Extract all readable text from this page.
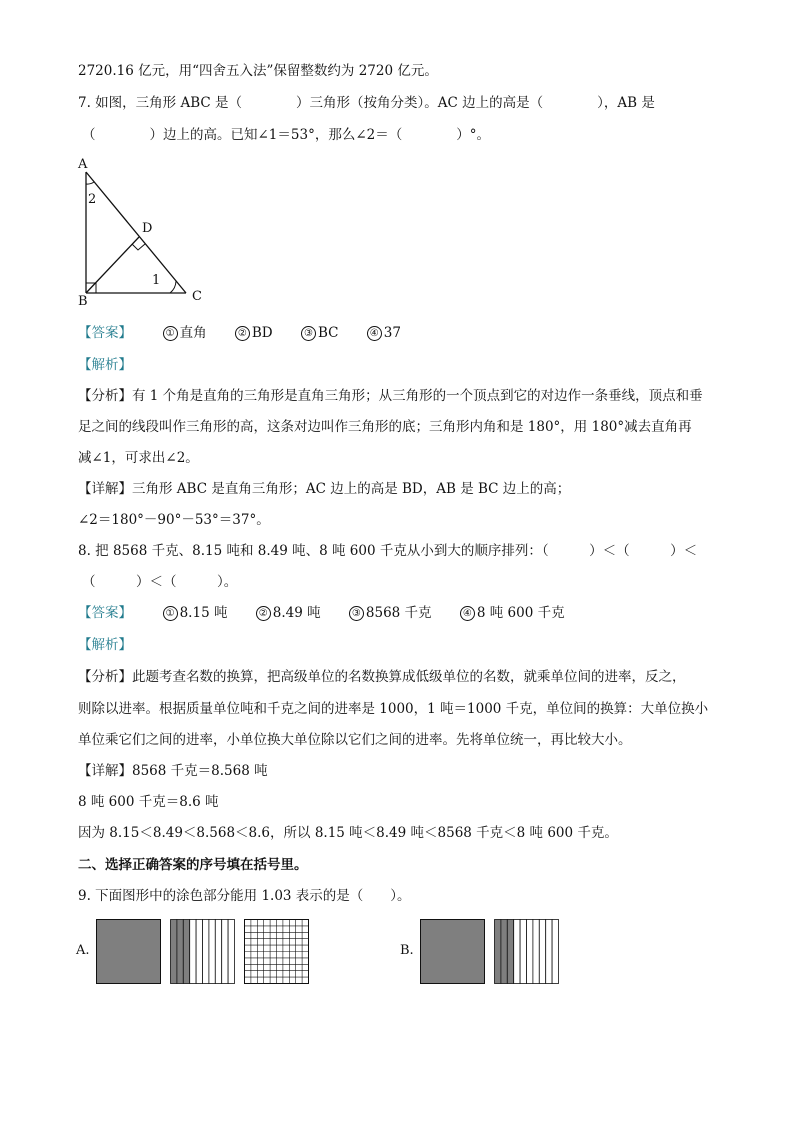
2720.16 亿元，用“四舍五入法”保留整数约为 2720 亿元。
7. 如图，三角形 ABC 是（　　　　）三角形（按角分类）。AC 边上的高是（　　　　），AB 是
（　　　　）边上的高。已知∠1＝53°，那么∠2＝（　　　　）°。
A
2
D
1
B	C
【答案】	① 直角	② BD	③ BC	④ 37
【解析】
【分析】有 1 个角是直角的三角形是直角三角形；从三角形的一个顶点到它的对边作一条垂线，顶点和垂
足之间的线段叫作三角形的高，这条对边叫作三角形的底；三角形内角和是 180°，用 180°减去直角再
减∠1，可求出∠2。
【详解】三角形 ABC 是直角三角形；AC 边上的高是 BD，AB 是 BC 边上的高；
∠2＝180°－90°－53°＝37°。
8. 把 8568 千克、8.15 吨和 8.49 吨、8 吨 600 千克从小到大的顺序排列：（　　　）＜（　　　）＜
（　　　）＜（　　　）。
【答案】	① 8.15 吨	② 8.49 吨	③ 8568 千克	④ 8 吨 600 千克
【解析】
【分析】此题考查名数的换算，把高级单位的名数换算成低级单位的名数，就乘单位间的进率，反之，
则除以进率。根据质量单位吨和千克之间的进率是 1000，1 吨＝1000 千克，单位间的换算：大单位换小
单位乘它们之间的进率，小单位换大单位除以它们之间的进率。先将单位统一，再比较大小。
【详解】8568 千克＝8.568 吨
8 吨 600 千克＝8.6 吨
因为 8.15＜8.49＜8.568＜8.6，所以 8.15 吨＜8.49 吨＜8568 千克＜8 吨 600 千克。
二、选择正确答案的序号填在括号里。
9. 下面图形中的涂色部分能用 1.03 表示的是（　　）。
A.	B.
